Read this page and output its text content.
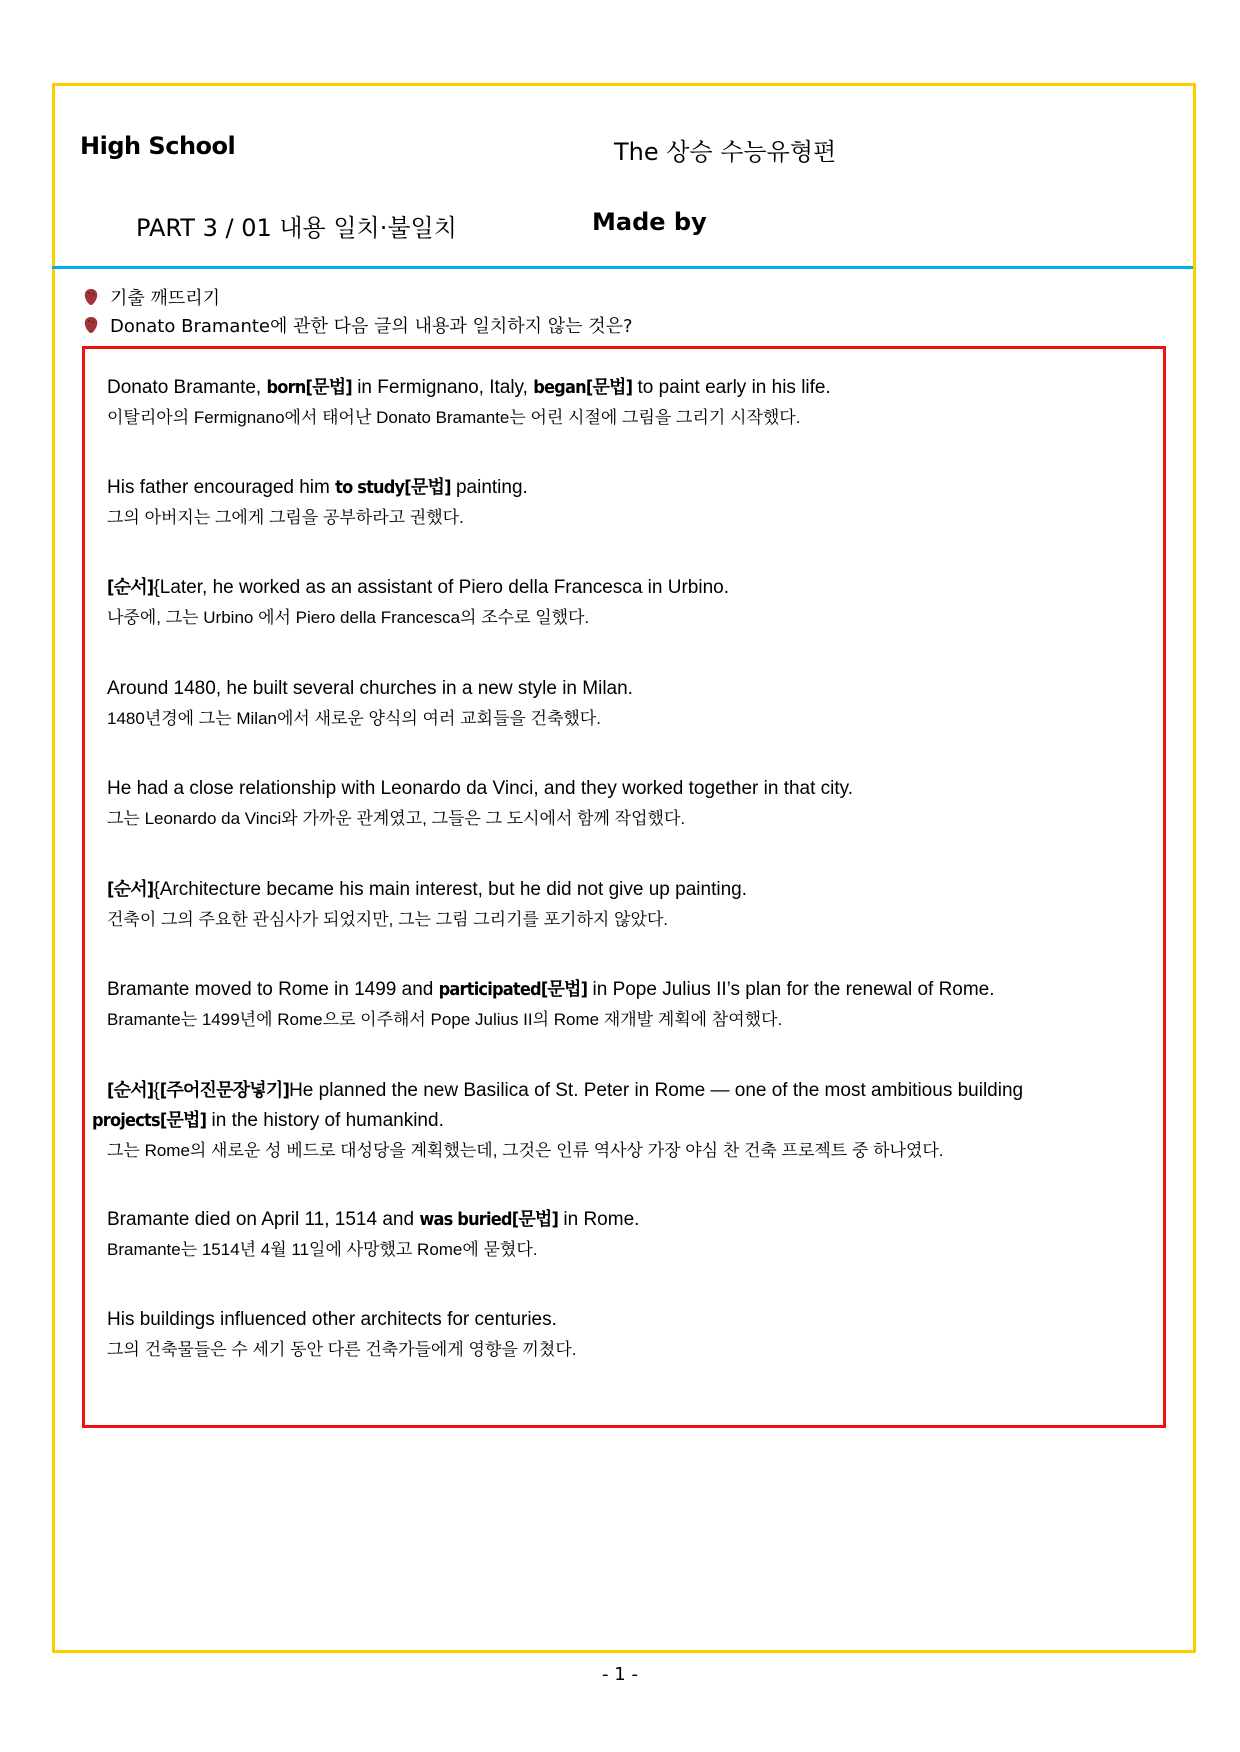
High School	The 상승 수능유형편
PART 3 / 01 내용 일치·불일치	Made by
기출 깨뜨리기
Donato Bramante에 관한 다음 글의 내용과 일치하지 않는 것은?
Donato Bramante, born[문법] in Fermignano, Italy, began[문법] to paint early in his life.
이탈리아의 Fermignano에서 태어난 Donato Bramante는 어린 시절에 그림을 그리기 시작했다.
His father encouraged him to study[문법] painting.
그의 아버지는 그에게 그림을 공부하라고 권했다.
[순서]{Later, he worked as an assistant of Piero della Francesca in Urbino.
나중에, 그는 Urbino 에서 Piero della Francesca의 조수로 일했다.
Around 1480, he built several churches in a new style in Milan.
1480년경에 그는 Milan에서 새로운 양식의 여러 교회들을 건축했다.
He had a close relationship with Leonardo da Vinci, and they worked together in that city.
그는 Leonardo da Vinci와 가까운 관계였고, 그들은 그 도시에서 함께 작업했다.
[순서]{Architecture became his main interest, but he did not give up painting.
건축이 그의 주요한 관심사가 되었지만, 그는 그림 그리기를 포기하지 않았다.
Bramante moved to Rome in 1499 and participated[문법] in Pope Julius II’s plan for the renewal of Rome.
Bramante는 1499년에 Rome으로 이주해서 Pope Julius II의 Rome 재개발 계획에 참여했다.
[순서]{[주어진문장넣기]He planned the new Basilica of St. Peter in Rome — one of the most ambitious building
projects[문법] in the history of humankind.
그는 Rome의 새로운 성 베드로 대성당을 계획했는데, 그것은 인류 역사상 가장 야심 찬 건축 프로젝트 중 하나였다.
Bramante died on April 11, 1514 and was buried[문법] in Rome.
Bramante는 1514년 4월 11일에 사망했고 Rome에 묻혔다.
His buildings influenced other architects for centuries.
그의 건축물들은 수 세기 동안 다른 건축가들에게 영향을 끼쳤다.
- 1 -
